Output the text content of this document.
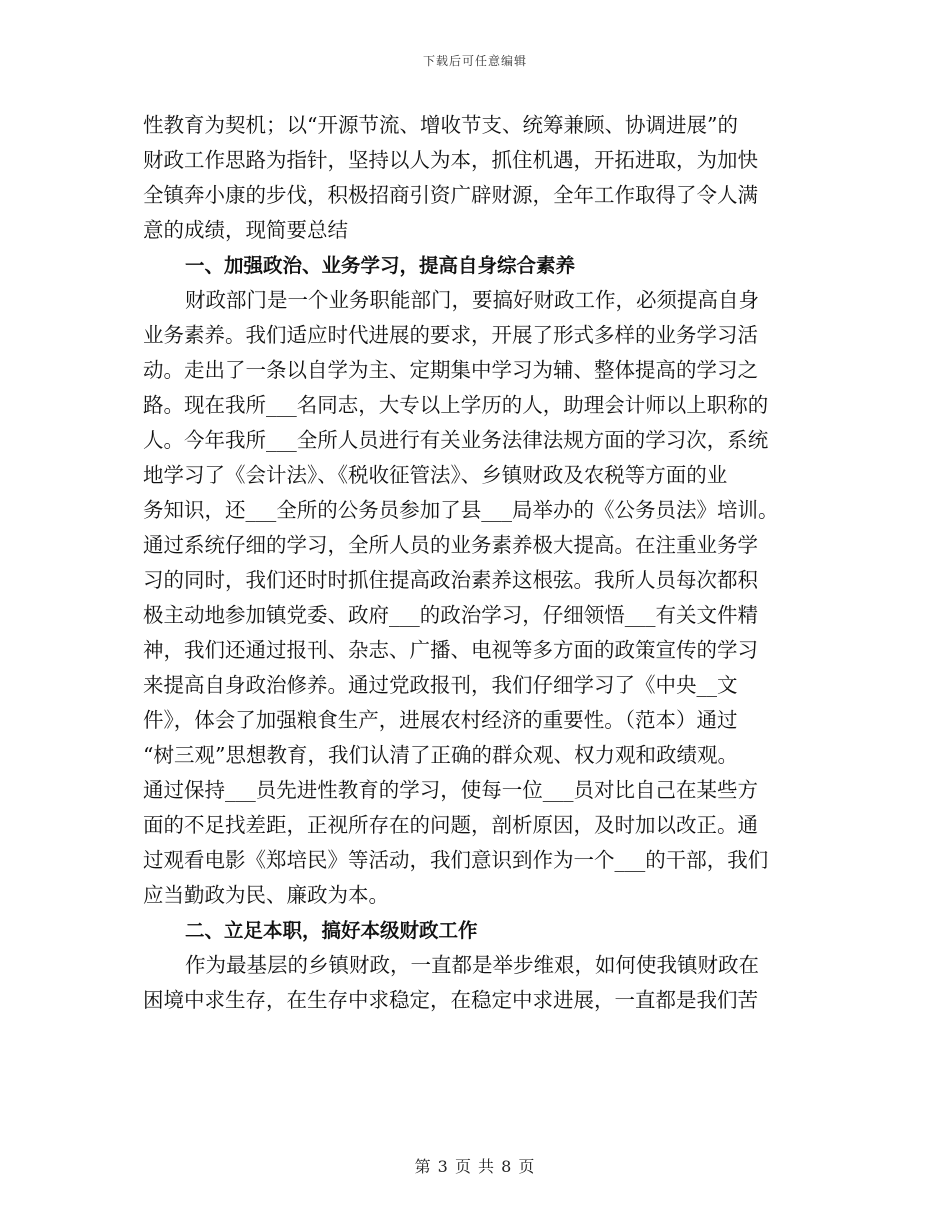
下载后可任意编辑
性教育为契机；以“开源节流、增收节支、统筹兼顾、协调进展”的
财政工作思路为指针，坚持以人为本，抓住机遇，开拓进取，为加快
全镇奔小康的步伐，积极招商引资广辟财源，全年工作取得了令人满
意的成绩，现简要总结
一、加强政治、业务学习，提高自身综合素养
财政部门是一个业务职能部门，要搞好财政工作，必须提高自身
业务素养。我们适应时代进展的要求，开展了形式多样的业务学习活
动。走出了一条以自学为主、定期集中学习为辅、整体提高的学习之
路。现在我所___名同志，大专以上学历的人，助理会计师以上职称的
人。今年我所___全所人员进行有关业务法律法规方面的学习次，系统
地学习了《会计法》、《税收征管法》、乡镇财政及农税等方面的业
务知识，还___全所的公务员参加了县___局举办的《公务员法》培训。
通过系统仔细的学习，全所人员的业务素养极大提高。在注重业务学
习的同时，我们还时时抓住提高政治素养这根弦。我所人员每次都积
极主动地参加镇党委、政府___的政治学习，仔细领悟___有关文件精
神，我们还通过报刊、杂志、广播、电视等多方面的政策宣传的学习
来提高自身政治修养。通过党政报刊，我们仔细学习了《中央__文
件》，体会了加强粮食生产，进展农村经济的重要性。（范本）通过
“树三观”思想教育，我们认清了正确的群众观、权力观和政绩观。
通过保持___员先进性教育的学习，使每一位___员对比自己在某些方
面的不足找差距，正视所存在的问题，剖析原因，及时加以改正。通
过观看电影《郑培民》等活动，我们意识到作为一个___的干部，我们
应当勤政为民、廉政为本。
二、立足本职，搞好本级财政工作
作为最基层的乡镇财政，一直都是举步维艰，如何使我镇财政在
困境中求生存，在生存中求稳定，在稳定中求进展，一直都是我们苦
第 3 页 共 8 页
